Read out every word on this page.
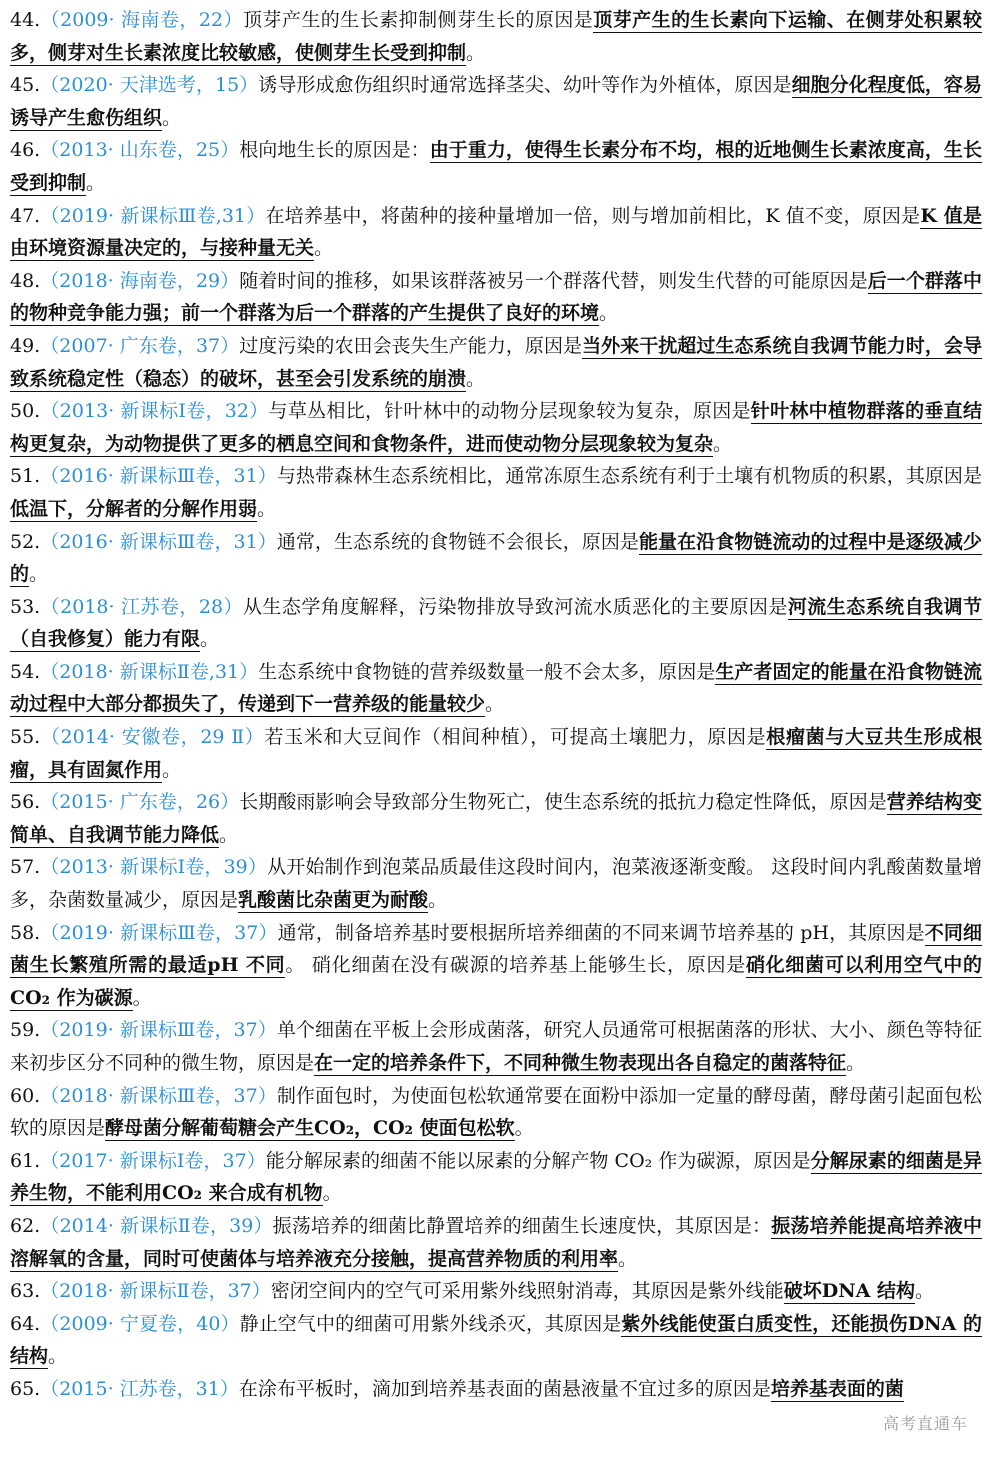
44.（2009· 海南卷，22）顶芽产生的生长素抑制侧芽生长的原因是顶芽产生的生长素向下运输、在侧芽处积累较多，侧芽对生长素浓度比较敏感，使侧芽生长受到抑制。

45.（2020· 天津选考，15）诱导形成愈伤组织时通常选择茎尖、幼叶等作为外植体，原因是细胞分化程度低，容易诱导产生愈伤组织。

46.（2013· 山东卷，25）根向地生长的原因是：由于重力，使得生长素分布不均，根的近地侧生长素浓度高，生长受到抑制。

47.（2019· 新课标Ⅲ卷,31）在培养基中，将菌种的接种量增加一倍，则与增加前相比，K 值不变，原因是K 值是由环境资源量决定的，与接种量无关。

48.（2018· 海南卷，29）随着时间的推移，如果该群落被另一个群落代替，则发生代替的可能原因是后一个群落中的物种竞争能力强；前一个群落为后一个群落的产生提供了良好的环境。

49.（2007· 广东卷，37）过度污染的农田会丧失生产能力，原因是当外来干扰超过生态系统自我调节能力时，会导致系统稳定性（稳态）的破坏，甚至会引发系统的崩溃。

50.（2013· 新课标Ⅰ卷，32）与草丛相比，针叶林中的动物分层现象较为复杂，原因是针叶林中植物群落的垂直结构更复杂，为动物提供了更多的栖息空间和食物条件，进而使动物分层现象较为复杂。

51.（2016· 新课标Ⅲ卷，31）与热带森林生态系统相比，通常冻原生态系统有利于土壤有机物质的积累，其原因是低温下，分解者的分解作用弱。

52.（2016· 新课标Ⅲ卷，31）通常，生态系统的食物链不会很长，原因是能量在沿食物链流动的过程中是逐级减少的。

53.（2018· 江苏卷，28）从生态学角度解释，污染物排放导致河流水质恶化的主要原因是河流生态系统自我调节（自我修复）能力有限。

54.（2018· 新课标Ⅱ卷,31）生态系统中食物链的营养级数量一般不会太多，原因是生产者固定的能量在沿食物链流动过程中大部分都损失了，传递到下一营养级的能量较少。

55.（2014· 安徽卷，29 Ⅱ）若玉米和大豆间作（相间种植），可提高土壤肥力，原因是根瘤菌与大豆共生形成根瘤，具有固氮作用。

56.（2015· 广东卷，26）长期酸雨影响会导致部分生物死亡，使生态系统的抵抗力稳定性降低，原因是营养结构变简单、自我调节能力降低。

57.（2013· 新课标Ⅰ卷，39）从开始制作到泡菜品质最佳这段时间内，泡菜液逐渐变酸。 这段时间内乳酸菌数量增多，杂菌数量减少，原因是乳酸菌比杂菌更为耐酸。

58.（2019· 新课标Ⅲ卷，37）通常，制备培养基时要根据所培养细菌的不同来调节培养基的 pH，其原因是不同细菌生长繁殖所需的最适pH 不同。 硝化细菌在没有碳源的培养基上能够生长，原因是硝化细菌可以利用空气中的CO₂ 作为碳源。

59.（2019· 新课标Ⅲ卷，37）单个细菌在平板上会形成菌落，研究人员通常可根据菌落的形状、大小、颜色等特征来初步区分不同种的微生物，原因是在一定的培养条件下，不同种微生物表现出各自稳定的菌落特征。

60.（2018· 新课标Ⅲ卷，37）制作面包时，为使面包松软通常要在面粉中添加一定量的酵母菌，酵母菌引起面包松软的原因是酵母菌分解葡萄糖会产生CO₂，CO₂ 使面包松软。

61.（2017· 新课标Ⅰ卷，37）能分解尿素的细菌不能以尿素的分解产物 CO₂ 作为碳源，原因是分解尿素的细菌是异养生物，不能利用CO₂ 来合成有机物。

62.（2014· 新课标Ⅱ卷，39）振荡培养的细菌比静置培养的细菌生长速度快，其原因是：振荡培养能提高培养液中溶解氧的含量，同时可使菌体与培养液充分接触，提高营养物质的利用率。

63.（2018· 新课标Ⅱ卷，37）密闭空间内的空气可采用紫外线照射消毒，其原因是紫外线能破坏DNA 结构。

64.（2009· 宁夏卷，40）静止空气中的细菌可用紫外线杀灭，其原因是紫外线能使蛋白质变性，还能损伤DNA 的结构。

65.（2015· 江苏卷，31）在涂布平板时，滴加到培养基表面的菌悬液量不宜过多的原因是培养基表面的菌

高考直通车
